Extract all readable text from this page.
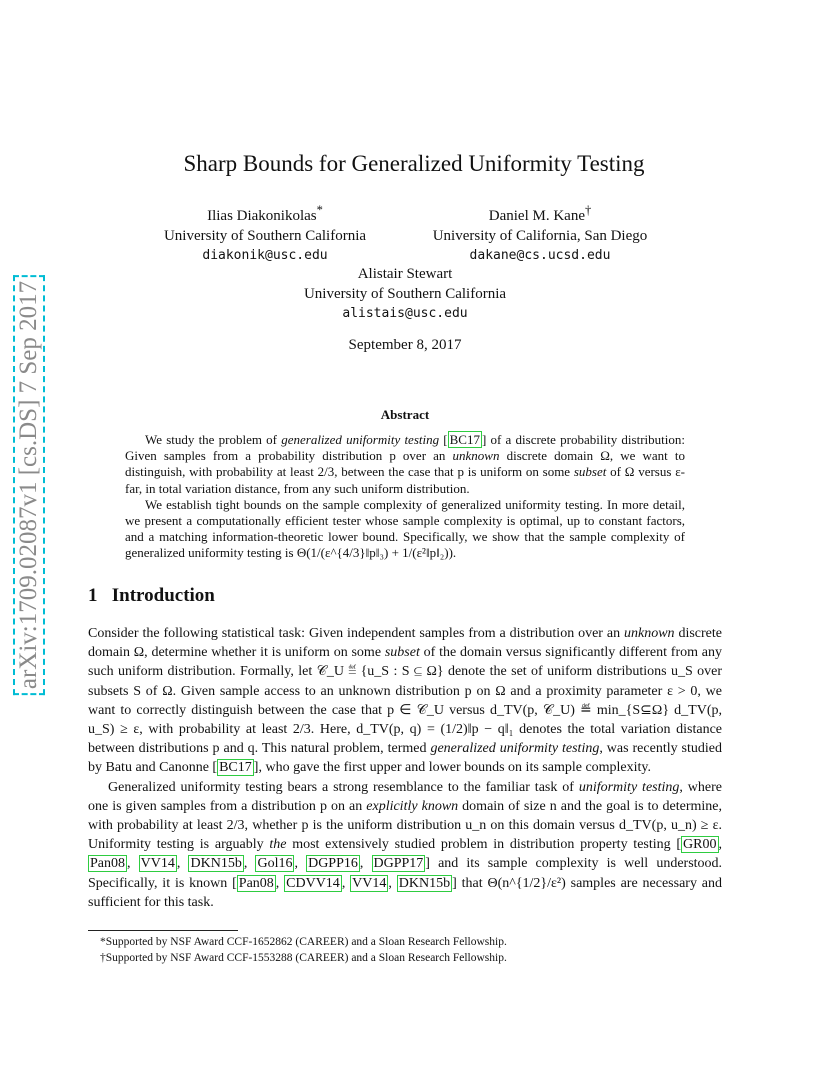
arXiv:1709.02087v1 [cs.DS] 7 Sep 2017
Sharp Bounds for Generalized Uniformity Testing
Ilias Diakonikolas*
University of Southern California
diakonik@usc.edu
Daniel M. Kane†
University of California, San Diego
dakane@cs.ucsd.edu
Alistair Stewart
University of Southern California
alistais@usc.edu
September 8, 2017
Abstract

We study the problem of generalized uniformity testing [ BC17 ] of a discrete probability distribution: Given samples from a probability distribution p over an unknown discrete domain Ω, we want to distinguish, with probability at least 2/3, between the case that p is uniform on some subset of Ω versus ε-far, in total variation distance, from any such uniform distribution.

We establish tight bounds on the sample complexity of generalized uniformity testing. In more detail, we present a computationally efficient tester whose sample complexity is optimal, up to constant factors, and a matching information-theoretic lower bound. Specifically, we show that the sample complexity of generalized uniformity testing is Θ(1/(ε^{4/3}‖p‖₃) + 1/(ε²‖p‖₂)).

1 Introduction

Consider the following statistical task: Given independent samples from a distribution over an unknown discrete domain Ω, determine whether it is uniform on some subset of the domain versus significantly different from any such uniform distribution. Formally, let 𝒞_U ≝ {u_S : S ⊆ Ω} denote the set of uniform distributions u_S over subsets S of Ω. Given sample access to an unknown distribution p on Ω and a proximity parameter ε > 0, we want to correctly distinguish between the case that p ∈ 𝒞_U versus d_TV(p, 𝒞_U) ≝ min_{S⊆Ω} d_TV(p, u_S) ≥ ε, with probability at least 2/3. Here, d_TV(p, q) = (1/2)‖p − q‖₁ denotes the total variation distance between distributions p and q. This natural problem, termed generalized uniformity testing, was recently studied by Batu and Canonne [ BC17 ], who gave the first upper and lower bounds on its sample complexity.

Generalized uniformity testing bears a strong resemblance to the familiar task of uniformity testing, where one is given samples from a distribution p on an explicitly known domain of size n and the goal is to determine, with probability at least 2/3, whether p is the uniform distribution u_n on this domain versus d_TV(p, u_n) ≥ ε. Uniformity testing is arguably the most extensively studied problem in distribution property testing [ GR00 , Pan08 , VV14 , DKN15b , Gol16 , DGPP16 , DGPP17 ] and its sample complexity is well understood. Specifically, it is known [ Pan08 , CDVV14 , VV14 , DKN15b ] that Θ(n^{1/2}/ε²) samples are necessary and sufficient for this task.

*Supported by NSF Award CCF-1652862 (CAREER) and a Sloan Research Fellowship.
†Supported by NSF Award CCF-1553288 (CAREER) and a Sloan Research Fellowship.
